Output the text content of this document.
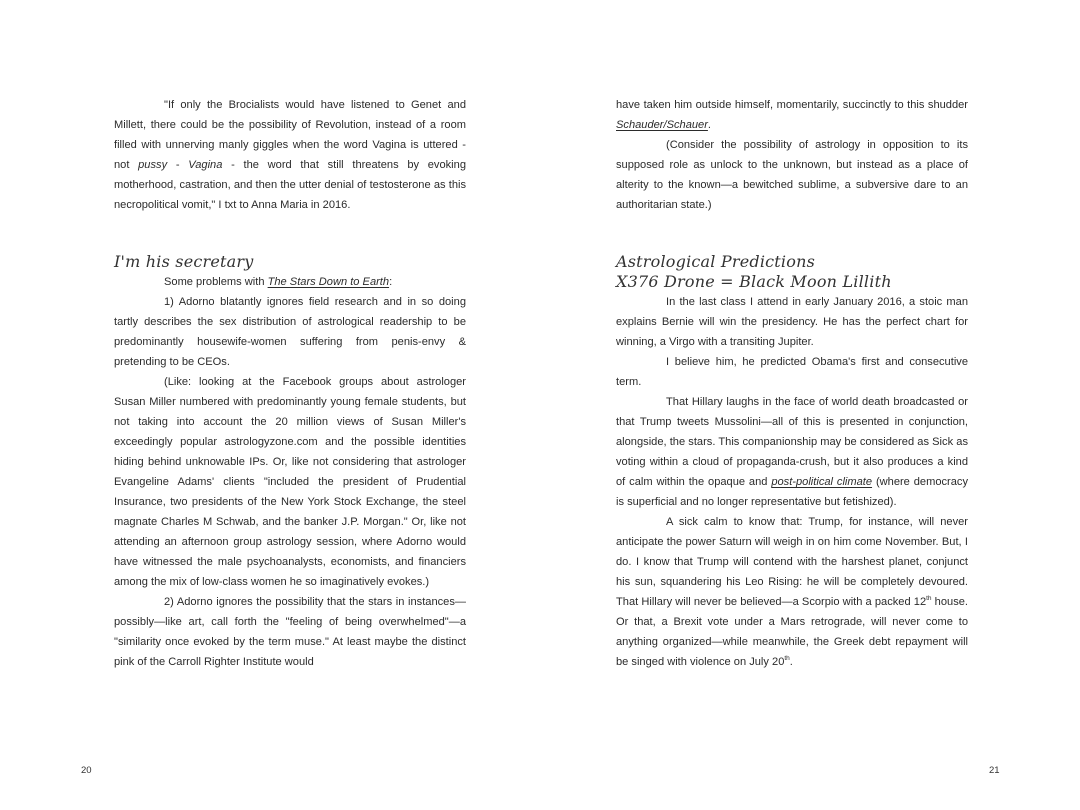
"If only the Brocialists would have listened to Genet and Millett, there could be the possibility of Revolution, instead of a room filled with unnerving manly giggles when the word Vagina is uttered - not pussy - Vagina - the word that still threatens by evoking motherhood, castration, and then the utter denial of testosterone as this necropolitical vomit," I txt to Anna Maria in 2016.

I'm his secretary

Some problems with The Stars Down to Earth:

1) Adorno blatantly ignores field research and in so doing tartly describes the sex distribution of astrological readership to be predominantly housewife-women suffering from penis-envy & pretending to be CEOs.

(Like: looking at the Facebook groups about astrologer Susan Miller numbered with predominantly young female students, but not taking into account the 20 million views of Susan Miller's exceedingly popular astrologyzone.com and the possible identities hiding behind unknowable IPs. Or, like not considering that astrologer Evangeline Adams' clients "included the president of Prudential Insurance, two presidents of the New York Stock Exchange, the steel magnate Charles M Schwab, and the banker J.P. Morgan." Or, like not attending an afternoon group astrology session, where Adorno would have witnessed the male psychoanalysts, economists, and financiers among the mix of low-class women he so imaginatively evokes.)

2) Adorno ignores the possibility that the stars in instances—possibly—like art, call forth the "feeling of being overwhelmed"—a "similarity once evoked by the term muse." At least maybe the distinct pink of the Carroll Righter Institute would

20

have taken him outside himself, momentarily, succinctly to this shudder Schauder/Schauer.

(Consider the possibility of astrology in opposition to its supposed role as unlock to the unknown, but instead as a place of alterity to the known—a bewitched sublime, a subversive dare to an authoritarian state.)

Astrological Predictions
X376 Drone = Black Moon Lillith

In the last class I attend in early January 2016, a stoic man explains Bernie will win the presidency. He has the perfect chart for winning, a Virgo with a transiting Jupiter.

I believe him, he predicted Obama's first and consecutive term.

That Hillary laughs in the face of world death broadcasted or that Trump tweets Mussolini—all of this is presented in conjunction, alongside, the stars. This companionship may be considered as Sick as voting within a cloud of propaganda-crush, but it also produces a kind of calm within the opaque and post-political climate (where democracy is superficial and no longer representative but fetishized).

A sick calm to know that: Trump, for instance, will never anticipate the power Saturn will weigh in on him come November. But, I do. I know that Trump will contend with the harshest planet, conjunct his sun, squandering his Leo Rising: he will be completely devoured. That Hillary will never be believed—a Scorpio with a packed 12th house. Or that, a Brexit vote under a Mars retrograde, will never come to anything organized—while meanwhile, the Greek debt repayment will be singed with violence on July 20th.

21
